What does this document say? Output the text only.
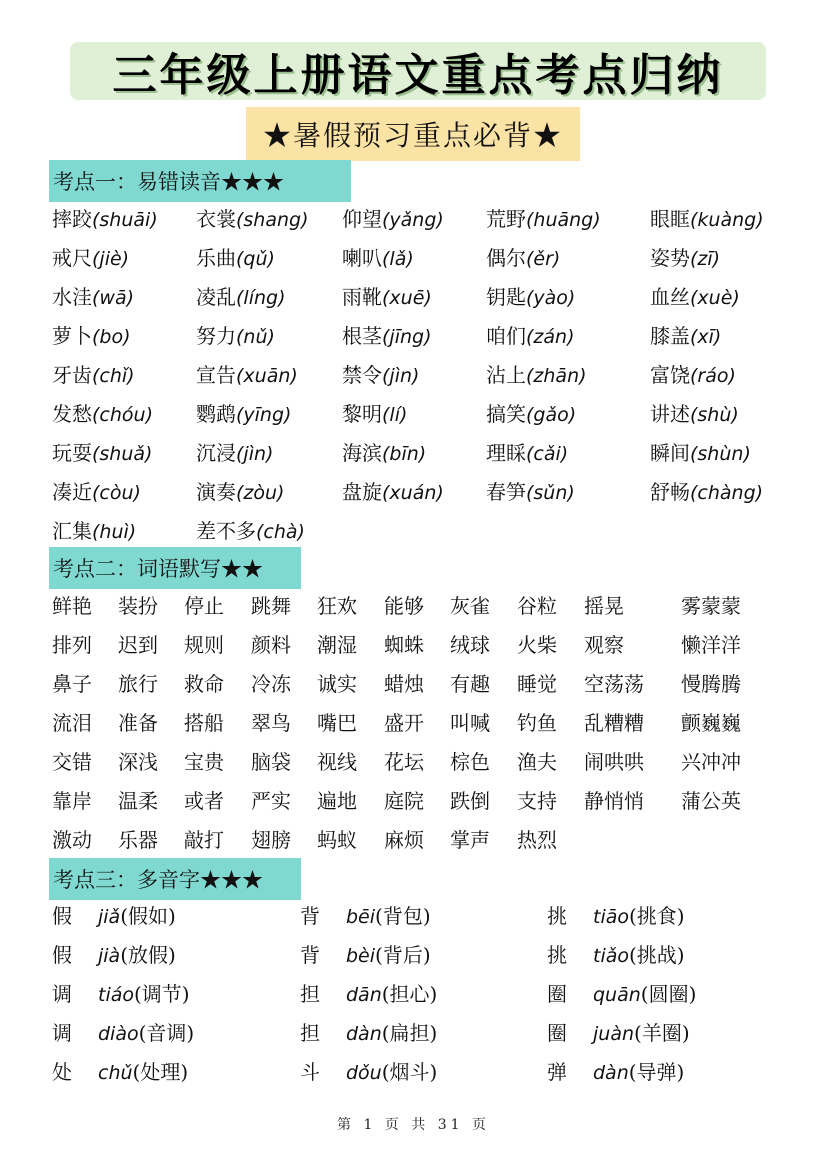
三年级上册语文重点考点归纳
★暑假预习重点必背★
考点一：易错读音★★★
摔跤(shuāi) 衣裳(shang) 仰望(yǎng) 荒野(huāng) 眼眶(kuàng)
戒尺(jiè)	乐曲(qǔ)	喇叭(lǎ)	偶尔(ěr)	姿势(zī)
水洼(wā)	凌乱(líng)	雨靴(xuē)	钥匙(yào)	血丝(xuè)
萝卜(bo)	努力(nǔ)	根茎(jīng)	咱们(zán)	膝盖(xī)
牙齿(chǐ)	宣告(xuān) 禁令(jìn)	沾上(zhān)	富饶(ráo)
发愁(chóu) 鹦鹉(yīng)	黎明(lí)	搞笑(gǎo)	讲述(shù)
玩耍(shuǎ) 沉浸(jìn)	海滨(bīn)	理睬(cǎi)	瞬间(shùn)
凑近(còu)	演奏(zòu)	盘旋(xuán) 春笋(sǔn)	舒畅(chàng)
汇集(huì)	差不多(chà)
考点二：词语默写★★
鲜艳 装扮 停止 跳舞 狂欢 能够 灰雀 谷粒 摇晃	雾蒙蒙
排列 迟到 规则 颜料 潮湿 蜘蛛 绒球 火柴 观察	懒洋洋
鼻子 旅行 救命 冷冻 诚实 蜡烛 有趣 睡觉 空荡荡 慢腾腾
流泪 准备 搭船 翠鸟 嘴巴 盛开 叫喊 钓鱼 乱糟糟 颤巍巍
交错 深浅 宝贵 脑袋 视线 花坛 棕色 渔夫 闹哄哄 兴冲冲
靠岸 温柔 或者 严实 遍地 庭院 跌倒 支持 静悄悄 蒲公英
激动 乐器 敲打 翅膀 蚂蚁 麻烦 掌声 热烈
考点三：多音字★★★
假 jiǎ(假如)	背 bēi(背包)	挑 tiāo(挑食)
假 jià(放假)	背 bèi(背后)	挑 tiǎo(挑战)
调 tiáo(调节)	担 dān(担心)	圈 quān(圆圈)
调 diào(音调)	担 dàn(扁担)	圈 juàn(羊圈)
处 chǔ(处理)	斗 dǒu(烟斗)	弹 dàn(导弹)
第 1 页 共 31 页
